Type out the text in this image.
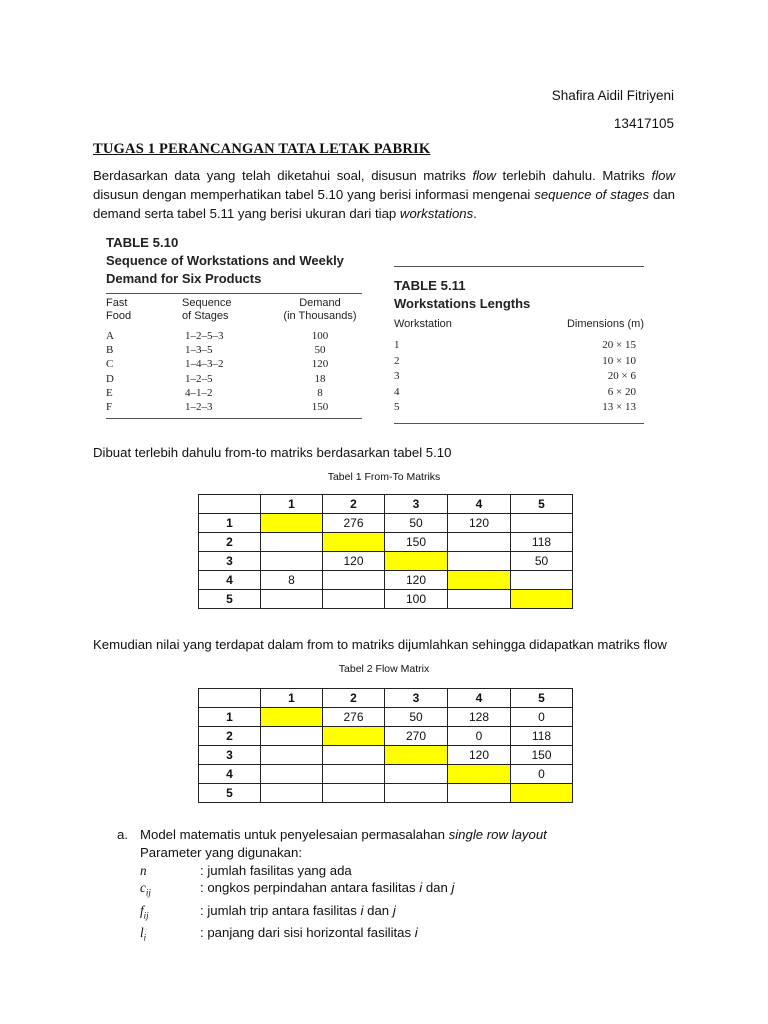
Shafira Aidil Fitriyeni
13417105
TUGAS 1 PERANCANGAN TATA LETAK PABRIK
Berdasarkan data yang telah diketahui soal, disusun matriks flow terlebih dahulu. Matriks flow disusun dengan memperhatikan tabel 5.10 yang berisi informasi mengenai sequence of stages dan demand serta tabel 5.11 yang berisi ukuran dari tiap workstations.
TABLE 5.10
Sequence of Workstations and Weekly
Demand for Six Products
Fast
Food
Sequence
of Stages
Demand
(in Thousands)
A	1–2–5–3	100
B	1–3–5	50
C	1–4–3–2	120
D	1–2–5	18
E	4–1–2	8
F	1–2–3	150
TABLE 5.11
Workstations Lengths
Workstation	Dimensions (m)
1	20 × 15
2	10 × 10
3	20 × 6
4	6 × 20
5	13 × 13
Dibuat terlebih dahulu from-to matriks berdasarkan tabel 5.10
Tabel 1 From-To Matriks
	1	2	3	4	5
1		276	50	120	
2			150		118
3		120			50
4	8		120		
5			100		
Kemudian nilai yang terdapat dalam from to matriks dijumlahkan sehingga didapatkan matriks flow
Tabel 2 Flow Matrix
	1	2	3	4	5
1		276	50	128	0
2			270	0	118
3				120	150
4					0
5					
a. Model matematis untuk penyelesaian permasalahan single row layout
Parameter yang digunakan:
n	: jumlah fasilitas yang ada
$c_{ij}$	: ongkos perpindahan antara fasilitas i dan j
$f_{ij}$	: jumlah trip antara fasilitas i dan j
$l_i$	: panjang dari sisi horizontal fasilitas i
